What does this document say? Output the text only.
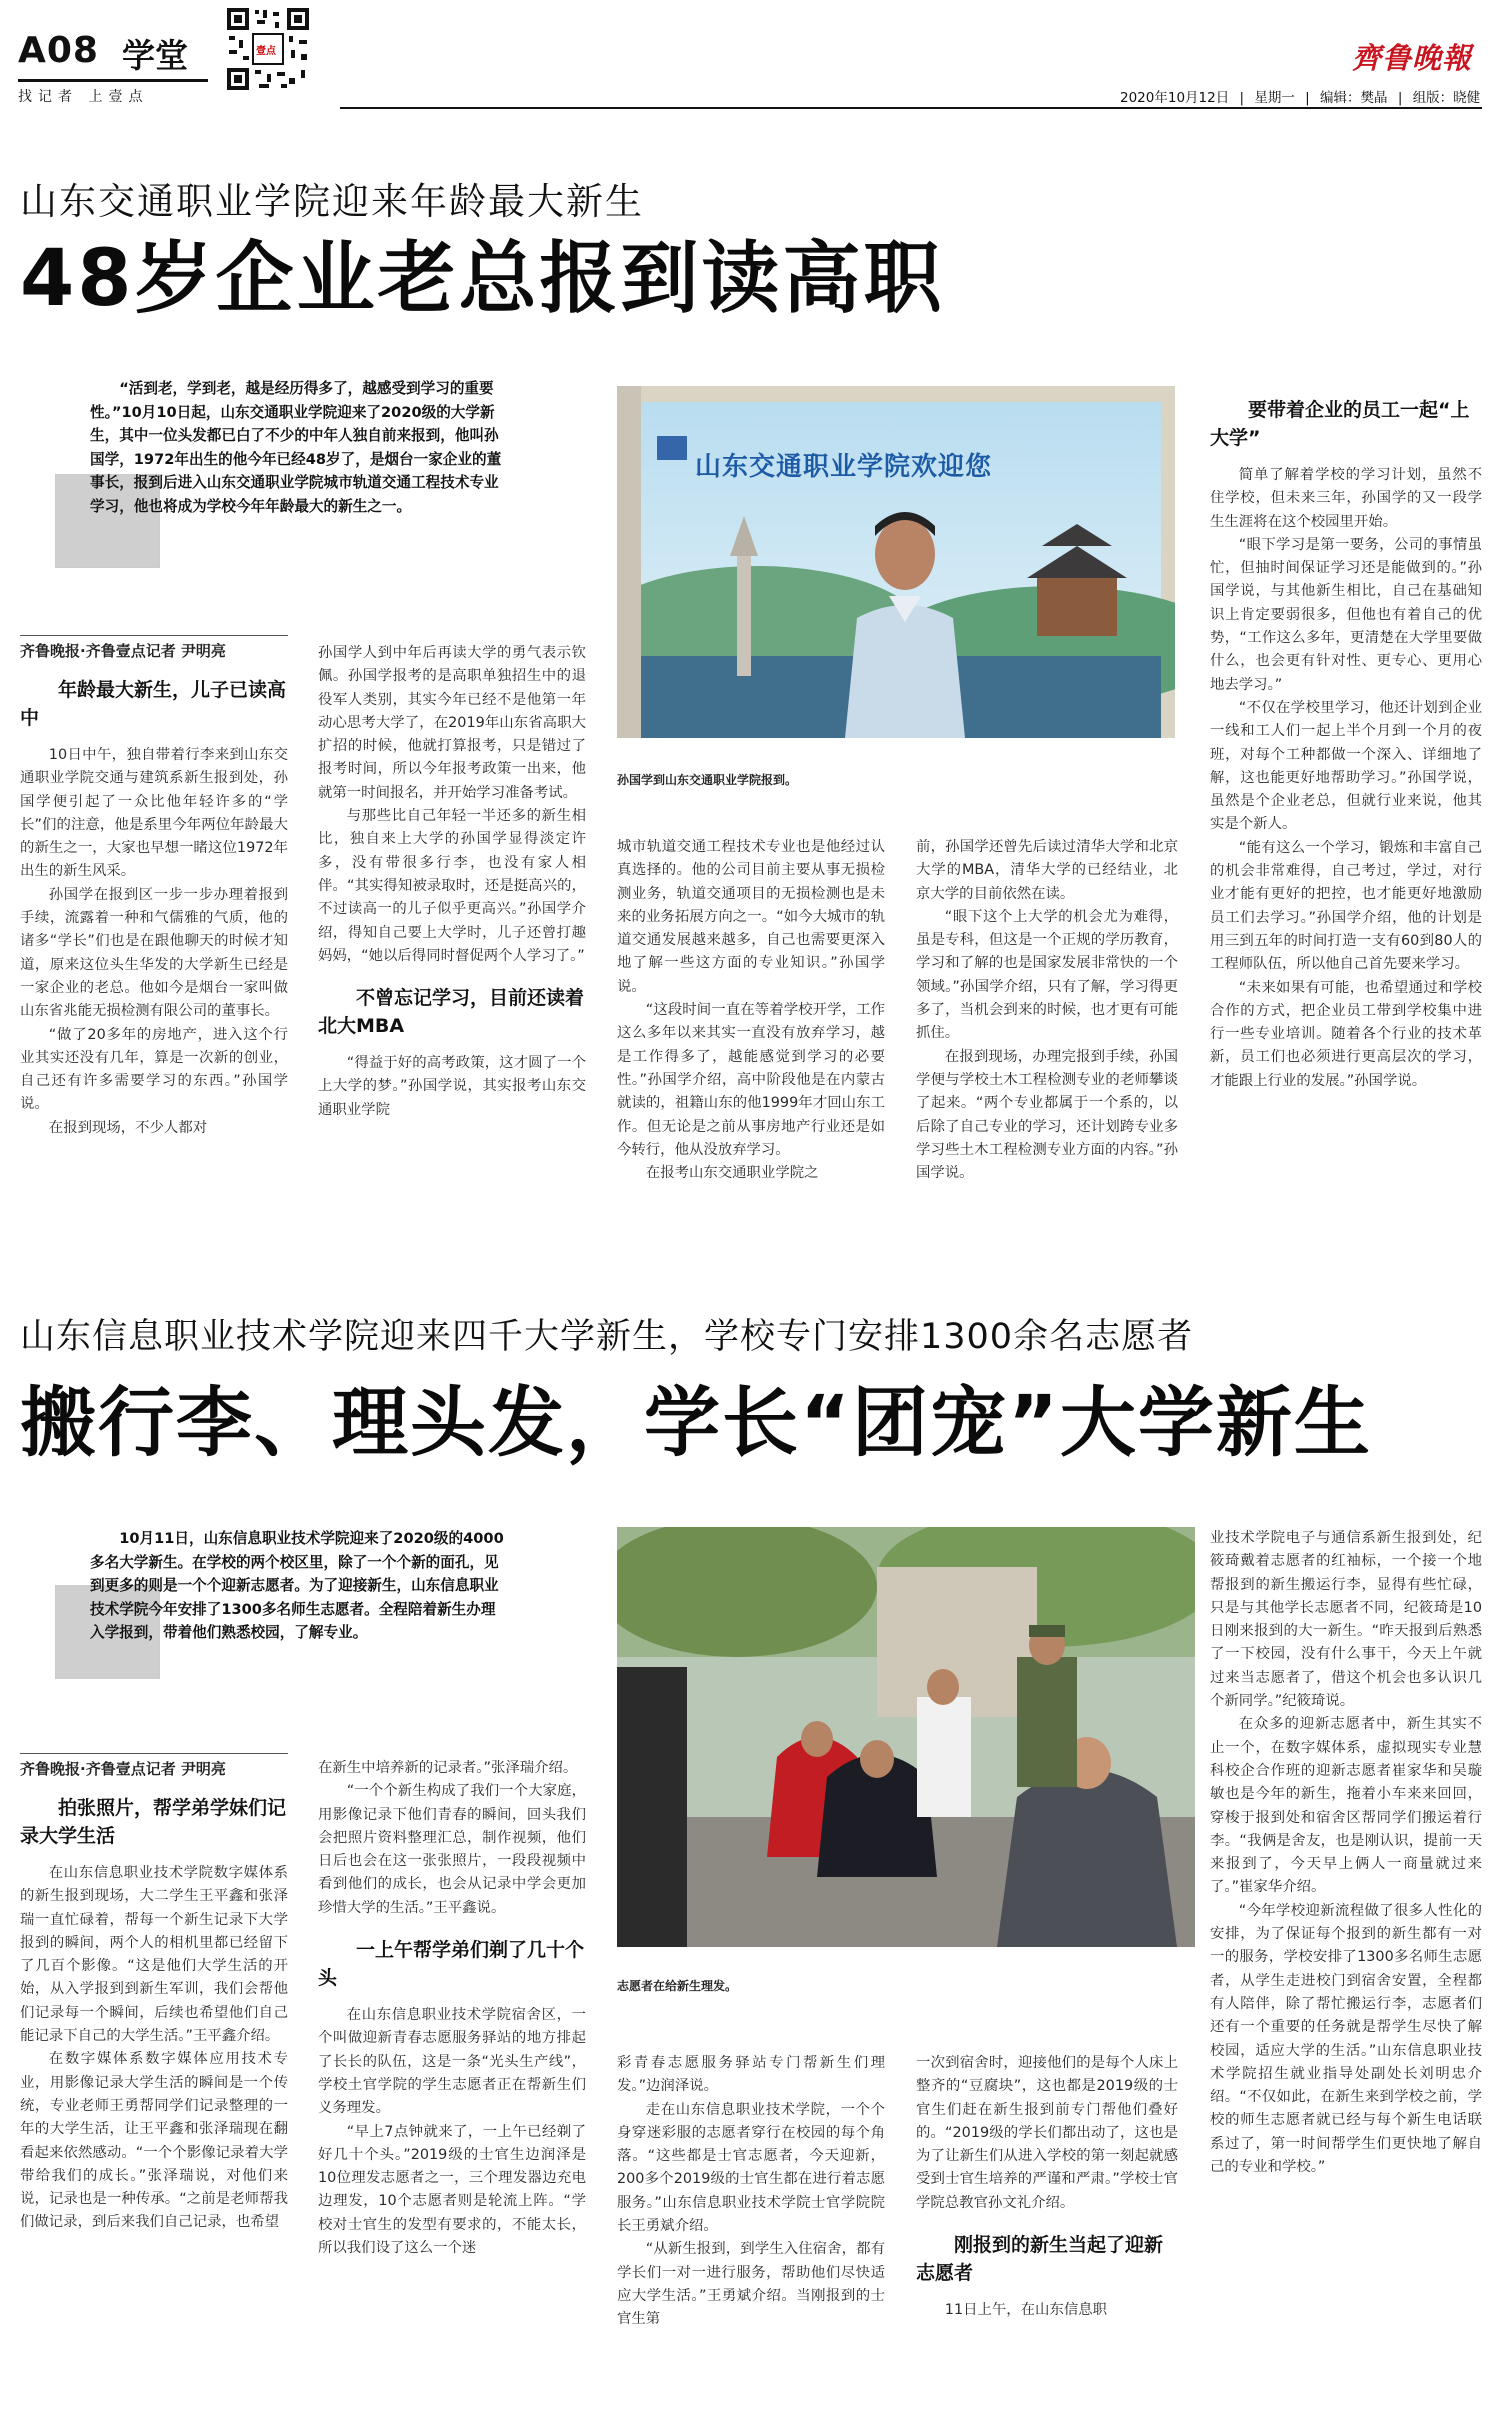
A08 学堂
找记者 上壹点
壹点	齊鲁晚報
2020年10月12日 | 星期一 | 编辑：樊晶 | 组版：晓健
山东交通职业学院迎来年龄最大新生
48岁企业老总报到读高职
“活到老，学到老，越是经历得多了，越感受到学习的重要性。”10月10日起，山东交通职业学院迎来了2020级的大学新生，其中一位头发都已白了不少的中年人独自前来报到，他叫孙国学，1972年出生的他今年已经48岁了，是烟台一家企业的董事长，报到后进入山东交通职业学院城市轨道交通工程技术专业学习，他也将成为学校今年年龄最大的新生之一。
山东交通职业学院欢迎您
孙国学到山东交通职业学院报到。
齐鲁晚报·齐鲁壹点记者 尹明亮
年龄最大新生，儿子已读高中

10日中午，独自带着行李来到山东交通职业学院交通与建筑系新生报到处，孙国学便引起了一众比他年轻许多的“学长”们的注意，他是系里今年两位年龄最大的新生之一，大家也早想一睹这位1972年出生的新生风采。

孙国学在报到区一步一步办理着报到手续，流露着一种和气儒雅的气质，他的诸多“学长”们也是在跟他聊天的时候才知道，原来这位头生华发的大学新生已经是一家企业的老总。他如今是烟台一家叫做山东省兆能无损检测有限公司的董事长。

“做了20多年的房地产，进入这个行业其实还没有几年，算是一次新的创业，自己还有许多需要学习的东西。”孙国学说。

在报到现场，不少人都对

孙国学人到中年后再读大学的勇气表示钦佩。孙国学报考的是高职单独招生中的退役军人类别，其实今年已经不是他第一年动心思考大学了，在2019年山东省高职大扩招的时候，他就打算报考，只是错过了报考时间，所以今年报考政策一出来，他就第一时间报名，并开始学习准备考试。

与那些比自己年轻一半还多的新生相比，独自来上大学的孙国学显得淡定许多，没有带很多行李，也没有家人相伴。“其实得知被录取时，还是挺高兴的，不过读高一的儿子似乎更高兴。”孙国学介绍，得知自己要上大学时，儿子还曾打趣妈妈，“她以后得同时督促两个人学习了。”

不曾忘记学习，目前还读着北大MBA

“得益于好的高考政策，这才圆了一个上大学的梦。”孙国学说，其实报考山东交通职业学院

城市轨道交通工程技术专业也是他经过认真选择的。他的公司目前主要从事无损检测业务，轨道交通项目的无损检测也是未来的业务拓展方向之一。“如今大城市的轨道交通发展越来越多，自己也需要更深入地了解一些这方面的专业知识。”孙国学说。

“这段时间一直在等着学校开学，工作这么多年以来其实一直没有放弃学习，越是工作得多了，越能感觉到学习的必要性。”孙国学介绍，高中阶段他是在内蒙古就读的，祖籍山东的他1999年才回山东工作。但无论是之前从事房地产行业还是如今转行，他从没放弃学习。

在报考山东交通职业学院之

前，孙国学还曾先后读过清华大学和北京大学的MBA，清华大学的已经结业，北京大学的目前依然在读。

“眼下这个上大学的机会尤为难得，虽是专科，但这是一个正规的学历教育，学习和了解的也是国家发展非常快的一个领域。”孙国学介绍，只有了解，学习得更多了，当机会到来的时候，也才更有可能抓住。

在报到现场，办理完报到手续，孙国学便与学校土木工程检测专业的老师攀谈了起来。“两个专业都属于一个系的，以后除了自己专业的学习，还计划跨专业多学习些土木工程检测专业方面的内容。”孙国学说。

要带着企业的员工一起“上大学”

简单了解着学校的学习计划，虽然不住学校，但未来三年，孙国学的又一段学生生涯将在这个校园里开始。

“眼下学习是第一要务，公司的事情虽忙，但抽时间保证学习还是能做到的。”孙国学说，与其他新生相比，自己在基础知识上肯定要弱很多，但他也有着自己的优势，“工作这么多年，更清楚在大学里要做什么，也会更有针对性、更专心、更用心地去学习。”

“不仅在学校里学习，他还计划到企业一线和工人们一起上半个月到一个月的夜班，对每个工种都做一个深入、详细地了解，这也能更好地帮助学习。”孙国学说，虽然是个企业老总，但就行业来说，他其实是个新人。

“能有这么一个学习，锻炼和丰富自己的机会非常难得，自己考过，学过，对行业才能有更好的把控，也才能更好地激励员工们去学习。”孙国学介绍，他的计划是用三到五年的时间打造一支有60到80人的工程师队伍，所以他自己首先要来学习。

“未来如果有可能，也希望通过和学校合作的方式，把企业员工带到学校集中进行一些专业培训。随着各个行业的技术革新，员工们也必须进行更高层次的学习，才能跟上行业的发展。”孙国学说。

山东信息职业技术学院迎来四千大学新生，学校专门安排1300余名志愿者
搬行李、理头发，学长“团宠”大学新生
10月11日，山东信息职业技术学院迎来了2020级的4000多名大学新生。在学校的两个校区里，除了一个个新的面孔，见到更多的则是一个个迎新志愿者。为了迎接新生，山东信息职业技术学院今年安排了1300多名师生志愿者。全程陪着新生办理入学报到，带着他们熟悉校园，了解专业。
志愿者在给新生理发。
齐鲁晚报·齐鲁壹点记者 尹明亮
拍张照片，帮学弟学妹们记录大学生活

在山东信息职业技术学院数字媒体系的新生报到现场，大二学生王平鑫和张泽瑞一直忙碌着，帮每一个新生记录下大学报到的瞬间，两个人的相机里都已经留下了几百个影像。“这是他们大学生活的开始，从入学报到到新生军训，我们会帮他们记录每一个瞬间，后续也希望他们自己能记录下自己的大学生活。”王平鑫介绍。

在数字媒体系数字媒体应用技术专业，用影像记录大学生活的瞬间是一个传统，专业老师王勇帮同学们记录整理的一年的大学生活，让王平鑫和张泽瑞现在翻看起来依然感动。“一个个影像记录着大学带给我们的成长。”张泽瑞说，对他们来说，记录也是一种传承。“之前是老师帮我们做记录，到后来我们自己记录，也希望

在新生中培养新的记录者。”张泽瑞介绍。

“一个个新生构成了我们一个大家庭，用影像记录下他们青春的瞬间，回头我们会把照片资料整理汇总，制作视频，他们日后也会在这一张张照片，一段段视频中看到他们的成长，也会从记录中学会更加珍惜大学的生活。”王平鑫说。

一上午帮学弟们剃了几十个头

在山东信息职业技术学院宿舍区，一个叫做迎新青春志愿服务驿站的地方排起了长长的队伍，这是一条“光头生产线”，学校土官学院的学生志愿者正在帮新生们义务理发。

“早上7点钟就来了，一上午已经剃了好几十个头。”2019级的士官生边润泽是10位理发志愿者之一，三个理发器边充电边理发，10个志愿者则是轮流上阵。“学校对士官生的发型有要求的，不能太长，所以我们设了这么一个迷

彩青春志愿服务驿站专门帮新生们理发。”边润泽说。

走在山东信息职业技术学院，一个个身穿迷彩服的志愿者穿行在校园的每个角落。“这些都是士官志愿者，今天迎新，200多个2019级的士官生都在进行着志愿服务。”山东信息职业技术学院士官学院院长王勇斌介绍。

“从新生报到，到学生入住宿舍，都有学长们一对一进行服务，帮助他们尽快适应大学生活。”王勇斌介绍。当刚报到的士官生第

一次到宿舍时，迎接他们的是每个人床上整齐的“豆腐块”，这也都是2019级的士官生们赶在新生报到前专门帮他们叠好的。“2019级的学长们都出动了，这也是为了让新生们从进入学校的第一刻起就感受到士官生培养的严谨和严肃。”学校士官学院总教官孙文礼介绍。

刚报到的新生当起了迎新志愿者

11日上午，在山东信息职

业技术学院电子与通信系新生报到处，纪筱琦戴着志愿者的红袖标，一个接一个地帮报到的新生搬运行李，显得有些忙碌，只是与其他学长志愿者不同，纪筱琦是10日刚来报到的大一新生。“昨天报到后熟悉了一下校园，没有什么事干，今天上午就过来当志愿者了，借这个机会也多认识几个新同学。”纪筱琦说。

在众多的迎新志愿者中，新生其实不止一个，在数字媒体系，虚拟现实专业慧科校企合作班的迎新志愿者崔家华和吴璇敏也是今年的新生，拖着小车来来回回，穿梭于报到处和宿舍区帮同学们搬运着行李。“我俩是舍友，也是刚认识，提前一天来报到了，今天早上俩人一商量就过来了。”崔家华介绍。

“今年学校迎新流程做了很多人性化的安排，为了保证每个报到的新生都有一对一的服务，学校安排了1300多名师生志愿者，从学生走进校门到宿舍安置，全程都有人陪伴，除了帮忙搬运行李，志愿者们还有一个重要的任务就是帮学生尽快了解校园，适应大学的生活。”山东信息职业技术学院招生就业指导处副处长刘明忠介绍。“不仅如此，在新生来到学校之前，学校的师生志愿者就已经与每个新生电话联系过了，第一时间帮学生们更快地了解自己的专业和学校。”
